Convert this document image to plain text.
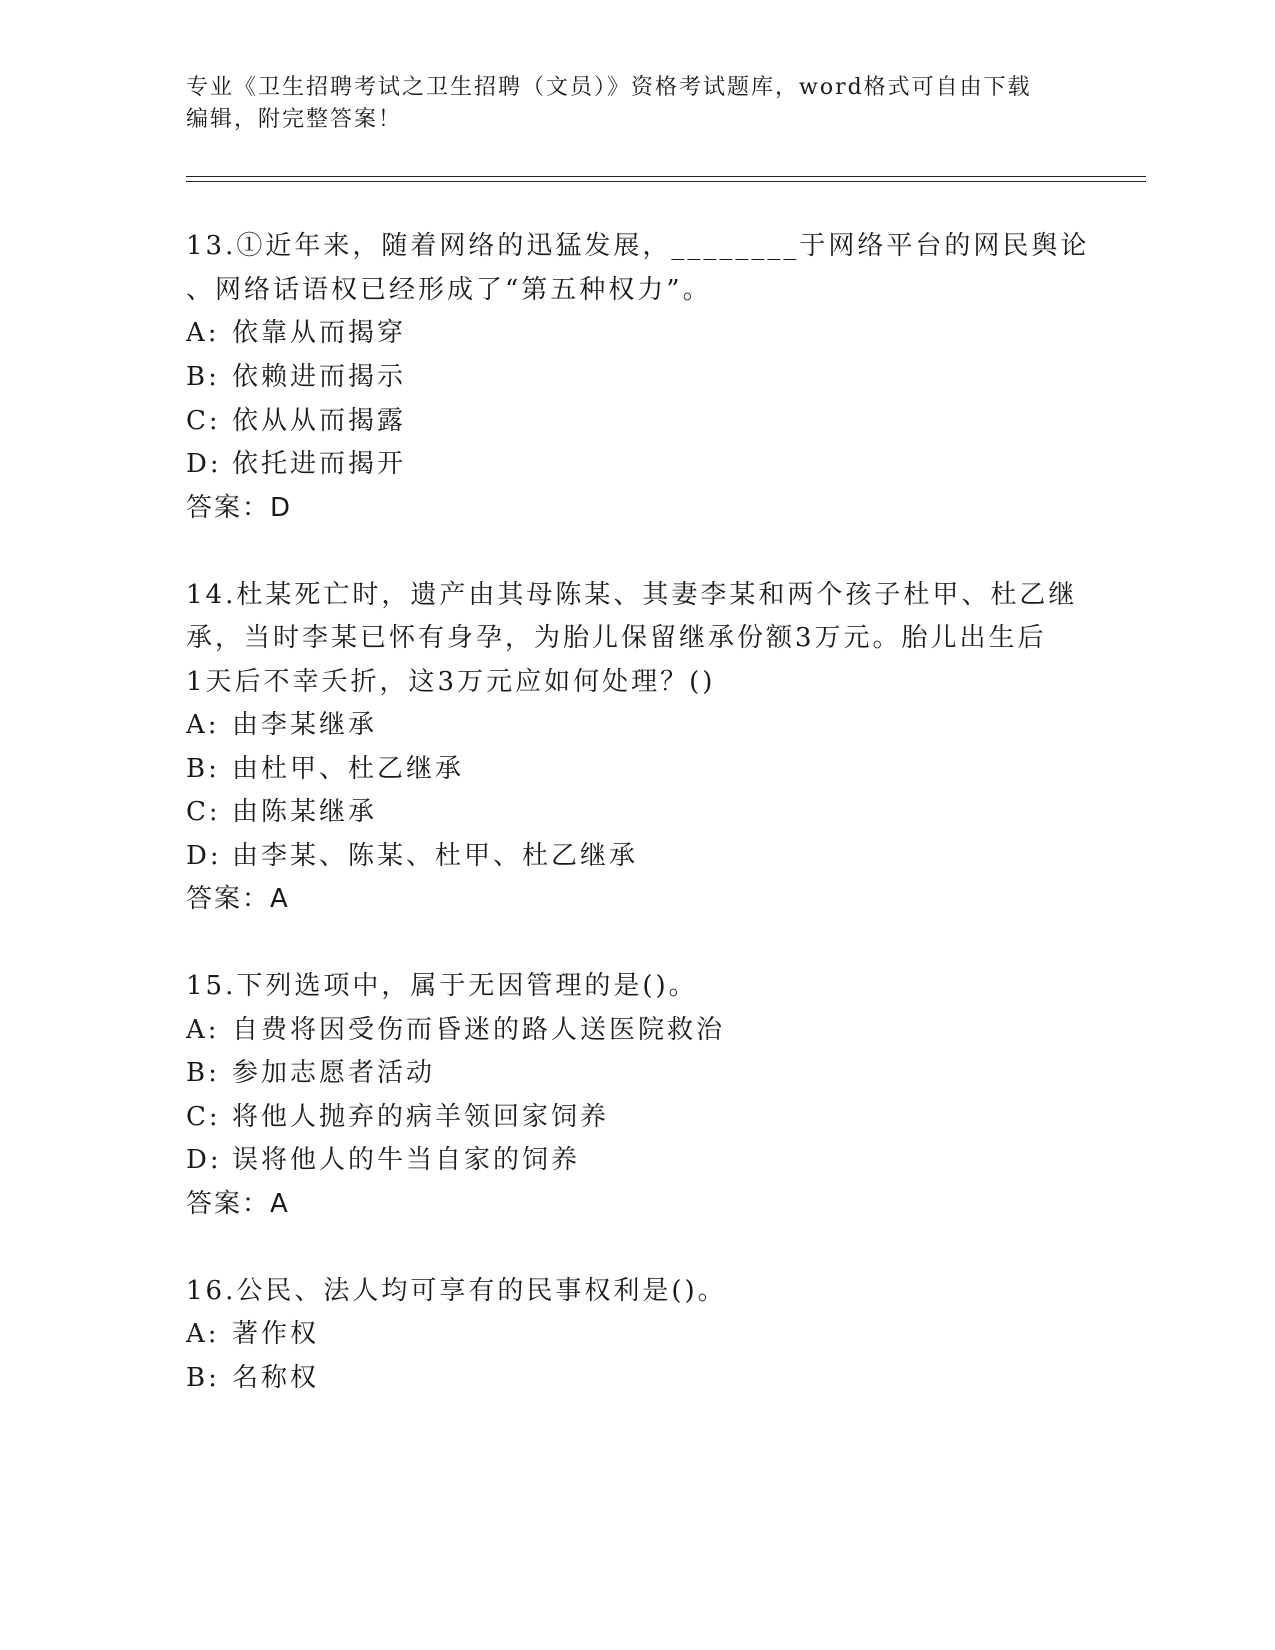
专业《卫生招聘考试之卫生招聘（文员）》资格考试题库，word格式可自由下载
编辑，附完整答案！
13.①近年来，随着网络的迅猛发展，________于网络平台的网民舆论
、网络话语权已经形成了“第五种权力”。
A: 依靠从而揭穿
B: 依赖进而揭示
C: 依从从而揭露
D: 依托进而揭开
答案：D
14.杜某死亡时，遗产由其母陈某、其妻李某和两个孩子杜甲、杜乙继
承，当时李某已怀有身孕，为胎儿保留继承份额3万元。胎儿出生后
1天后不幸夭折，这3万元应如何处理？()
A: 由李某继承
B: 由杜甲、杜乙继承
C: 由陈某继承
D: 由李某、陈某、杜甲、杜乙继承
答案：A
15.下列选项中，属于无因管理的是()。
A: 自费将因受伤而昏迷的路人送医院救治
B: 参加志愿者活动
C: 将他人抛弃的病羊领回家饲养
D: 误将他人的牛当自家的饲养
答案：A
16.公民、法人均可享有的民事权利是()。
A: 著作权
B: 名称权
